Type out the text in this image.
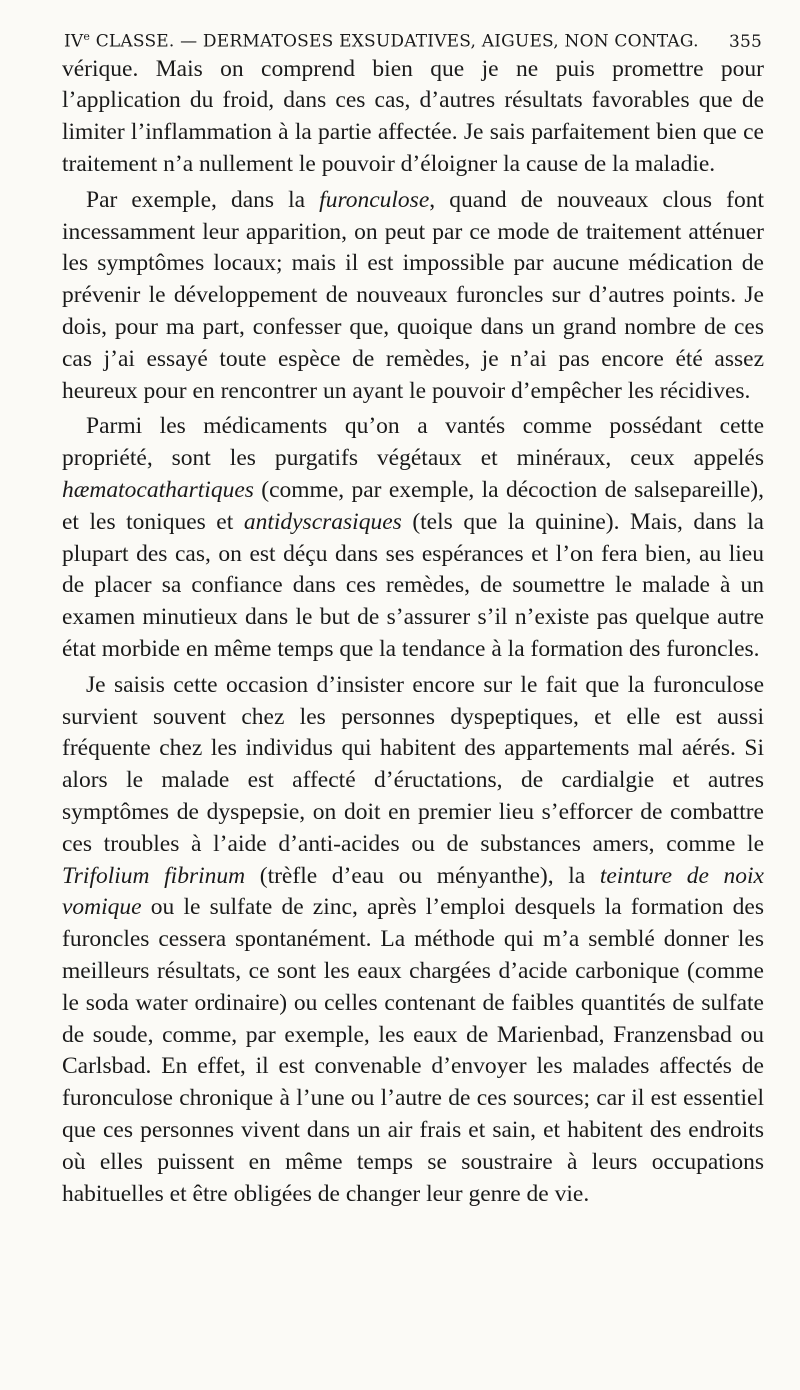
IVe CLASSE. — DERMATOSES EXSUDATIVES, AIGUES, NON CONTAG. 355

vérique. Mais on comprend bien que je ne puis promettre pour l’application du froid, dans ces cas, d’autres résultats favorables que de limiter l’inflammation à la partie affectée. Je sais parfaitement bien que ce traitement n’a nullement le pouvoir d’éloigner la cause de la maladie.

Par exemple, dans la furonculose, quand de nouveaux clous font incessamment leur apparition, on peut par ce mode de traitement atténuer les symptômes locaux; mais il est impossible par aucune médication de prévenir le développement de nouveaux furoncles sur d’autres points. Je dois, pour ma part, confesser que, quoique dans un grand nombre de ces cas j’ai essayé toute espèce de remèdes, je n’ai pas encore été assez heureux pour en rencontrer un ayant le pouvoir d’empêcher les récidives.

Parmi les médicaments qu’on a vantés comme possédant cette propriété, sont les purgatifs végétaux et minéraux, ceux appelés hæmatocathartiques (comme, par exemple, la décoction de salsepareille), et les toniques et antidyscrasiques (tels que la quinine). Mais, dans la plupart des cas, on est déçu dans ses espérances et l’on fera bien, au lieu de placer sa confiance dans ces remèdes, de soumettre le malade à un examen minutieux dans le but de s’assurer s’il n’existe pas quelque autre état morbide en même temps que la tendance à la formation des furoncles.

Je saisis cette occasion d’insister encore sur le fait que la furonculose survient souvent chez les personnes dyspeptiques, et elle est aussi fréquente chez les individus qui habitent des appartements mal aérés. Si alors le malade est affecté d’éructations, de cardialgie et autres symptômes de dyspepsie, on doit en premier lieu s’efforcer de combattre ces troubles à l’aide d’anti-acides ou de substances amers, comme le Trifolium fibrinum (trèfle d’eau ou ményanthe), la teinture de noix vomique ou le sulfate de zinc, après l’emploi desquels la formation des furoncles cessera spontanément. La méthode qui m’a semblé donner les meilleurs résultats, ce sont les eaux chargées d’acide carbonique (comme le soda water ordinaire) ou celles contenant de faibles quantités de sulfate de soude, comme, par exemple, les eaux de Marienbad, Franzensbad ou Carlsbad. En effet, il est convenable d’envoyer les malades affectés de furonculose chronique à l’une ou l’autre de ces sources; car il est essentiel que ces personnes vivent dans un air frais et sain, et habitent des endroits où elles puissent en même temps se soustraire à leurs occupations habituelles et être obligées de changer leur genre de vie.
